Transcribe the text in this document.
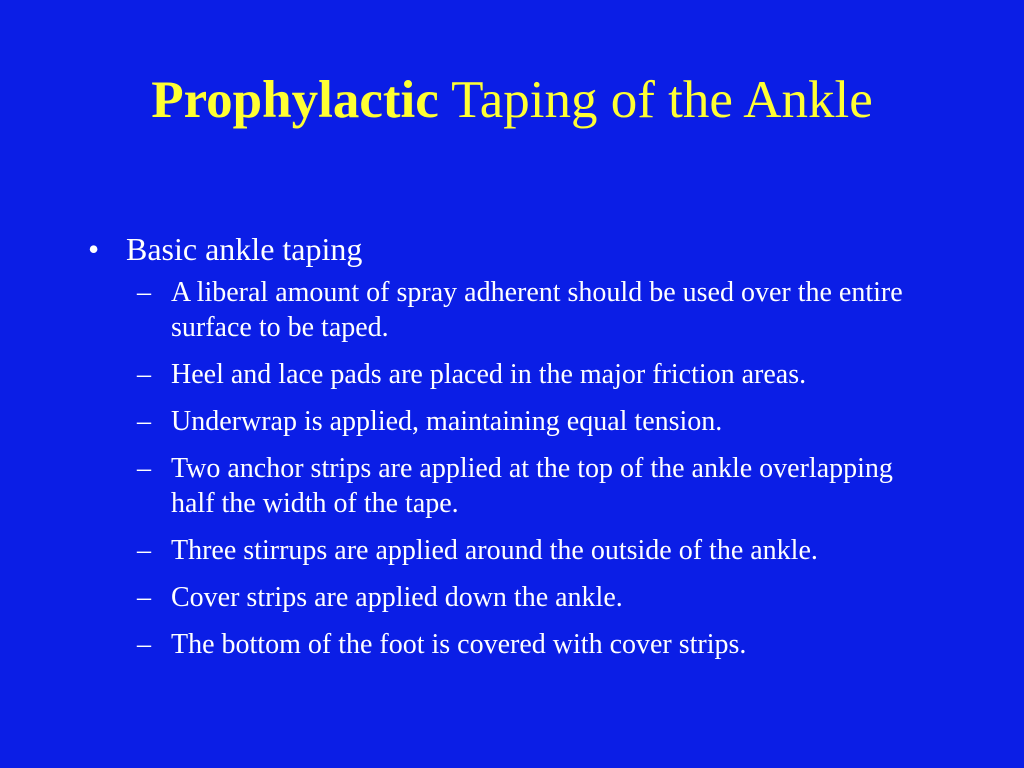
Prophylactic Taping of the Ankle
• Basic ankle taping
– A liberal amount of spray adherent should be used over the entire surface to be taped.
– Heel and lace pads are placed in the major friction areas.
– Underwrap is applied, maintaining equal tension.
– Two anchor strips are applied at the top of the ankle overlapping half the width of the tape.
– Three stirrups are applied around the outside of the ankle.
– Cover strips are applied down the ankle.
– The bottom of the foot is covered with cover strips.
